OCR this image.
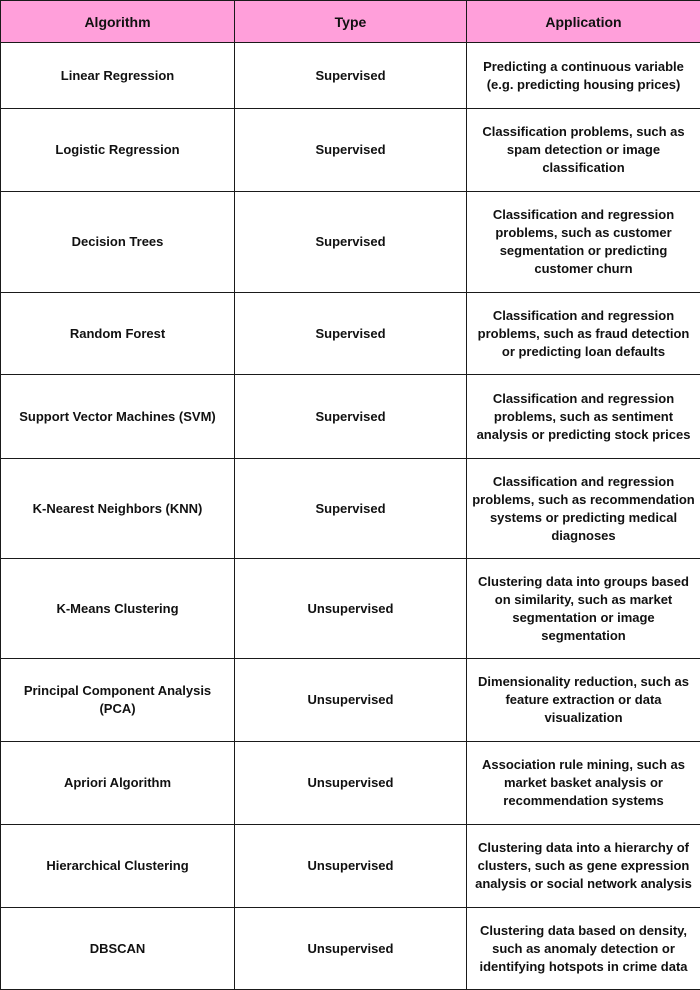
Algorithm	Type	Application
Linear Regression	Supervised	Predicting a continuous variable (e.g. predicting housing prices)
Logistic Regression	Supervised	Classification problems, such as spam detection or image classification
Decision Trees	Supervised	Classification and regression problems, such as customer segmentation or predicting customer churn
Random Forest	Supervised	Classification and regression problems, such as fraud detection or predicting loan defaults
Support Vector Machines (SVM)	Supervised	Classification and regression problems, such as sentiment analysis or predicting stock prices
K-Nearest Neighbors (KNN)	Supervised	Classification and regression problems, such as recommendation systems or predicting medical diagnoses
K-Means Clustering	Unsupervised	Clustering data into groups based on similarity, such as market segmentation or image segmentation
Principal Component Analysis (PCA)	Unsupervised	Dimensionality reduction, such as feature extraction or data visualization
Apriori Algorithm	Unsupervised	Association rule mining, such as market basket analysis or recommendation systems
Hierarchical Clustering	Unsupervised	Clustering data into a hierarchy of clusters, such as gene expression analysis or social network analysis
DBSCAN	Unsupervised	Clustering data based on density, such as anomaly detection or identifying hotspots in crime data
